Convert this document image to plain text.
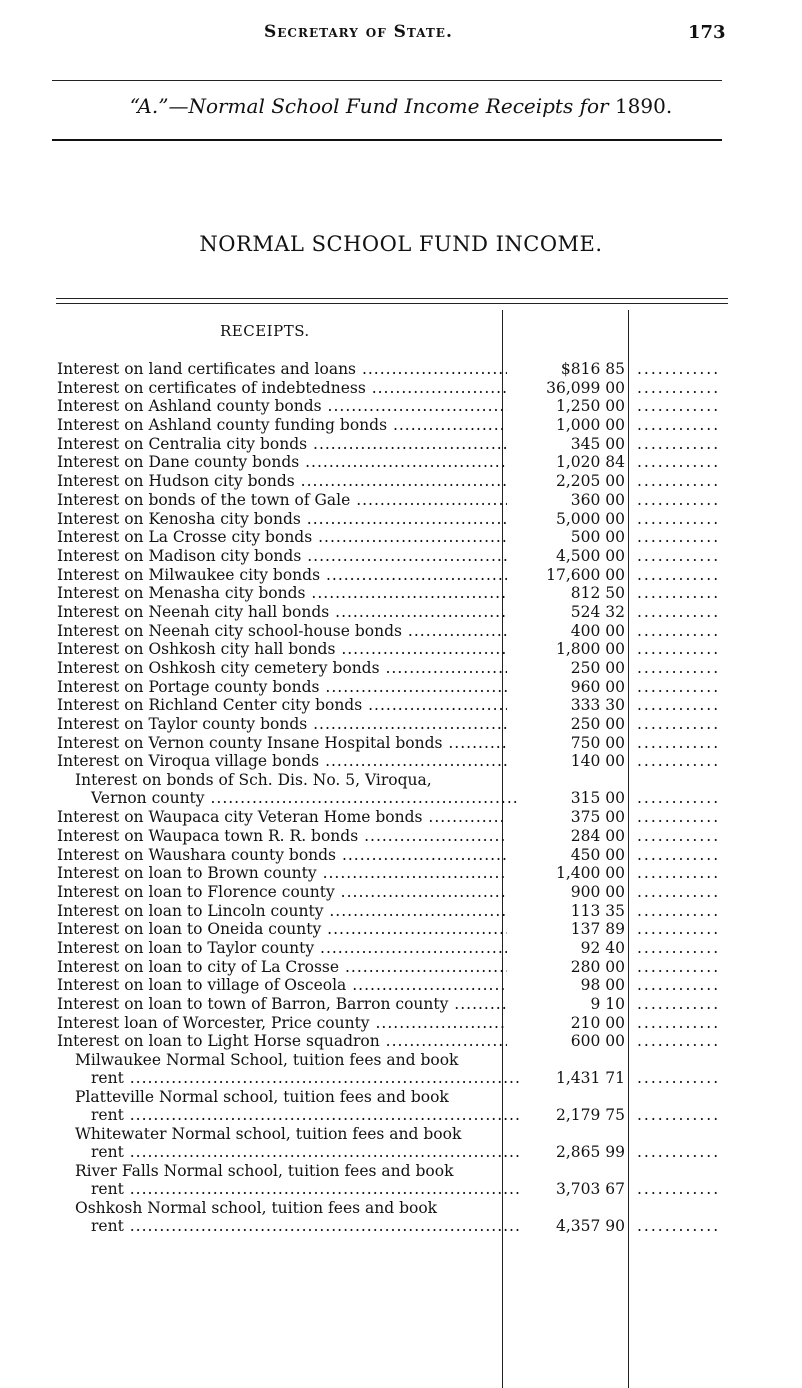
Secretary of State.	173
“A.”—Normal School Fund Income Receipts for 1890.
NORMAL SCHOOL FUND INCOME.
RECEIPTS.
Interest on land certificates and loans .....	$816 85 ............
Interest on certificates of indebtedness .....	36,099 00 ............
Interest on Ashland county bonds .....	1,250 00 ............
Interest on Ashland county funding bonds .....	1,000 00 ............
Interest on Centralia city bonds .....	345 00 ............
Interest on Dane county bonds .....	1,020 84 ............
Interest on Hudson city bonds .....	2,205 00 ............
Interest on bonds of the town of Gale .....	360 00 ............
Interest on Kenosha city bonds .....	5,000 00 ............
Interest on La Crosse city bonds .....	500 00 ............
Interest on Madison city bonds .....	4,500 00 ............
Interest on Milwaukee city bonds .....	17,600 00 ............
Interest on Menasha city bonds .....	812 50 ............
Interest on Neenah city hall bonds .....	524 32 ............
Interest on Neenah city school-house bonds .....	400 00 ............
Interest on Oshkosh city hall bonds .....	1,800 00 ............
Interest on Oshkosh city cemetery bonds .....	250 00 ............
Interest on Portage county bonds .....	960 00 ............
Interest on Richland Center city bonds .....	333 30 ............
Interest on Taylor county bonds .....	250 00 ............
Interest on Vernon county Insane Hospital bonds .....	750 00 ............
Interest on Viroqua village bonds .....	140 00 ............
Interest on bonds of Sch. Dis. No. 5, Viroqua,
Vernon county .....	315 00 ............
Interest on Waupaca city Veteran Home bonds .....	375 00 ............
Interest on Waupaca town R. R. bonds .....	284 00 ............
Interest on Waushara county bonds .....	450 00 ............
Interest on loan to Brown county .....	1,400 00 ............
Interest on loan to Florence county .....	900 00 ............
Interest on loan to Lincoln county .....	113 35 ............
Interest on loan to Oneida county .....	137 89 ............
Interest on loan to Taylor county .....	92 40 ............
Interest on loan to city of La Crosse .....	280 00 ............
Interest on loan to village of Osceola .....	98 00 ............
Interest on loan to town of Barron, Barron county .....	9 10 ............
Interest loan of Worcester, Price county .....	210 00 ............
Interest on loan to Light Horse squadron .....	600 00 ............
Milwaukee Normal School, tuition fees and book
rent .....	1,431 71 ............
Platteville Normal school, tuition fees and book
rent .....	2,179 75 ............
Whitewater Normal school, tuition fees and book
rent .....	2,865 99 ............
River Falls Normal school, tuition fees and book
rent .....	3,703 67 ............
Oshkosh Normal school, tuition fees and book
rent .....	4,357 90 ............
